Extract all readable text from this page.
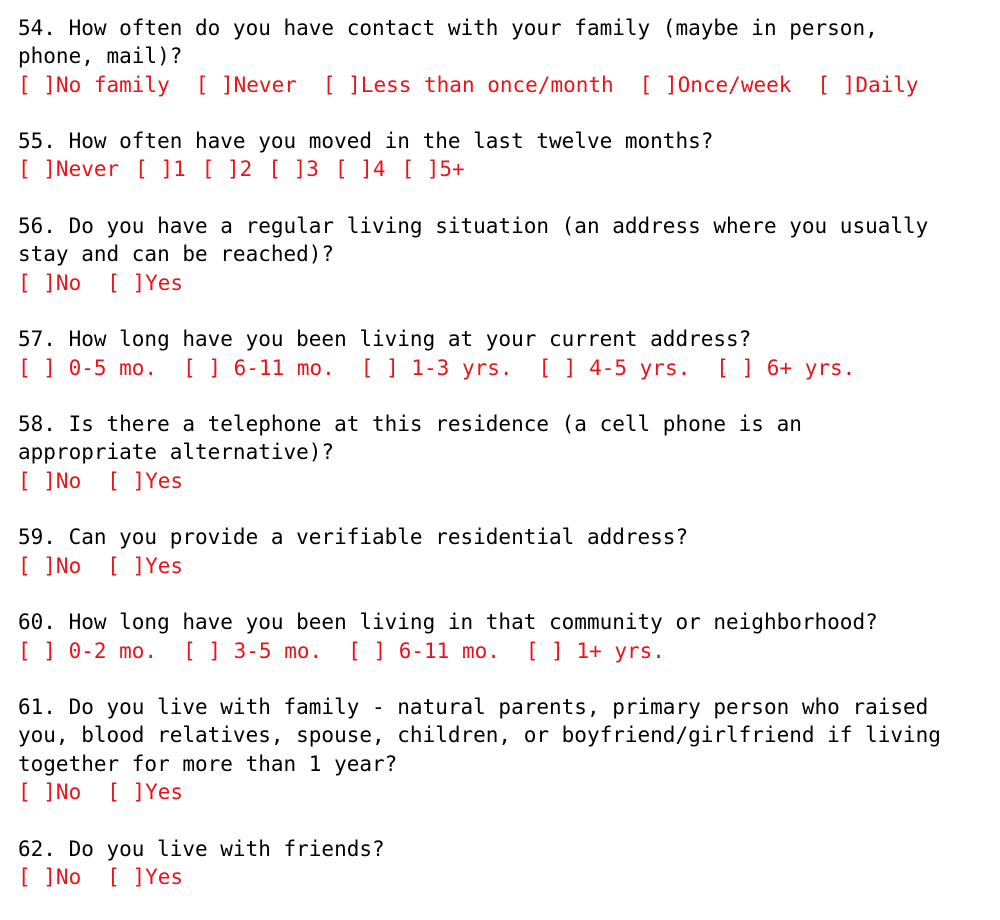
54. How often do you have contact with your family (maybe in person,
phone, mail)?
[ ]No family [ ]Never [ ]Less than once/month [ ]Once/week [ ]Daily
55. How often have you moved in the last twelve months?
[ ]Never [ ]1 [ ]2 [ ]3 [ ]4 [ ]5+
56. Do you have a regular living situation (an address where you usually
stay and can be reached)?
[ ]No [ ]Yes
57. How long have you been living at your current address?
[ ] 0-5 mo. [ ] 6-11 mo. [ ] 1-3 yrs. [ ] 4-5 yrs. [ ] 6+ yrs.
58. Is there a telephone at this residence (a cell phone is an
appropriate alternative)?
[ ]No [ ]Yes
59. Can you provide a verifiable residential address?
[ ]No [ ]Yes
60. How long have you been living in that community or neighborhood?
[ ] 0-2 mo. [ ] 3-5 mo. [ ] 6-11 mo. [ ] 1+ yrs.
61. Do you live with family - natural parents, primary person who raised
you, blood relatives, spouse, children, or boyfriend/girlfriend if living
together for more than 1 year?
[ ]No [ ]Yes
62. Do you live with friends?
[ ]No [ ]Yes
